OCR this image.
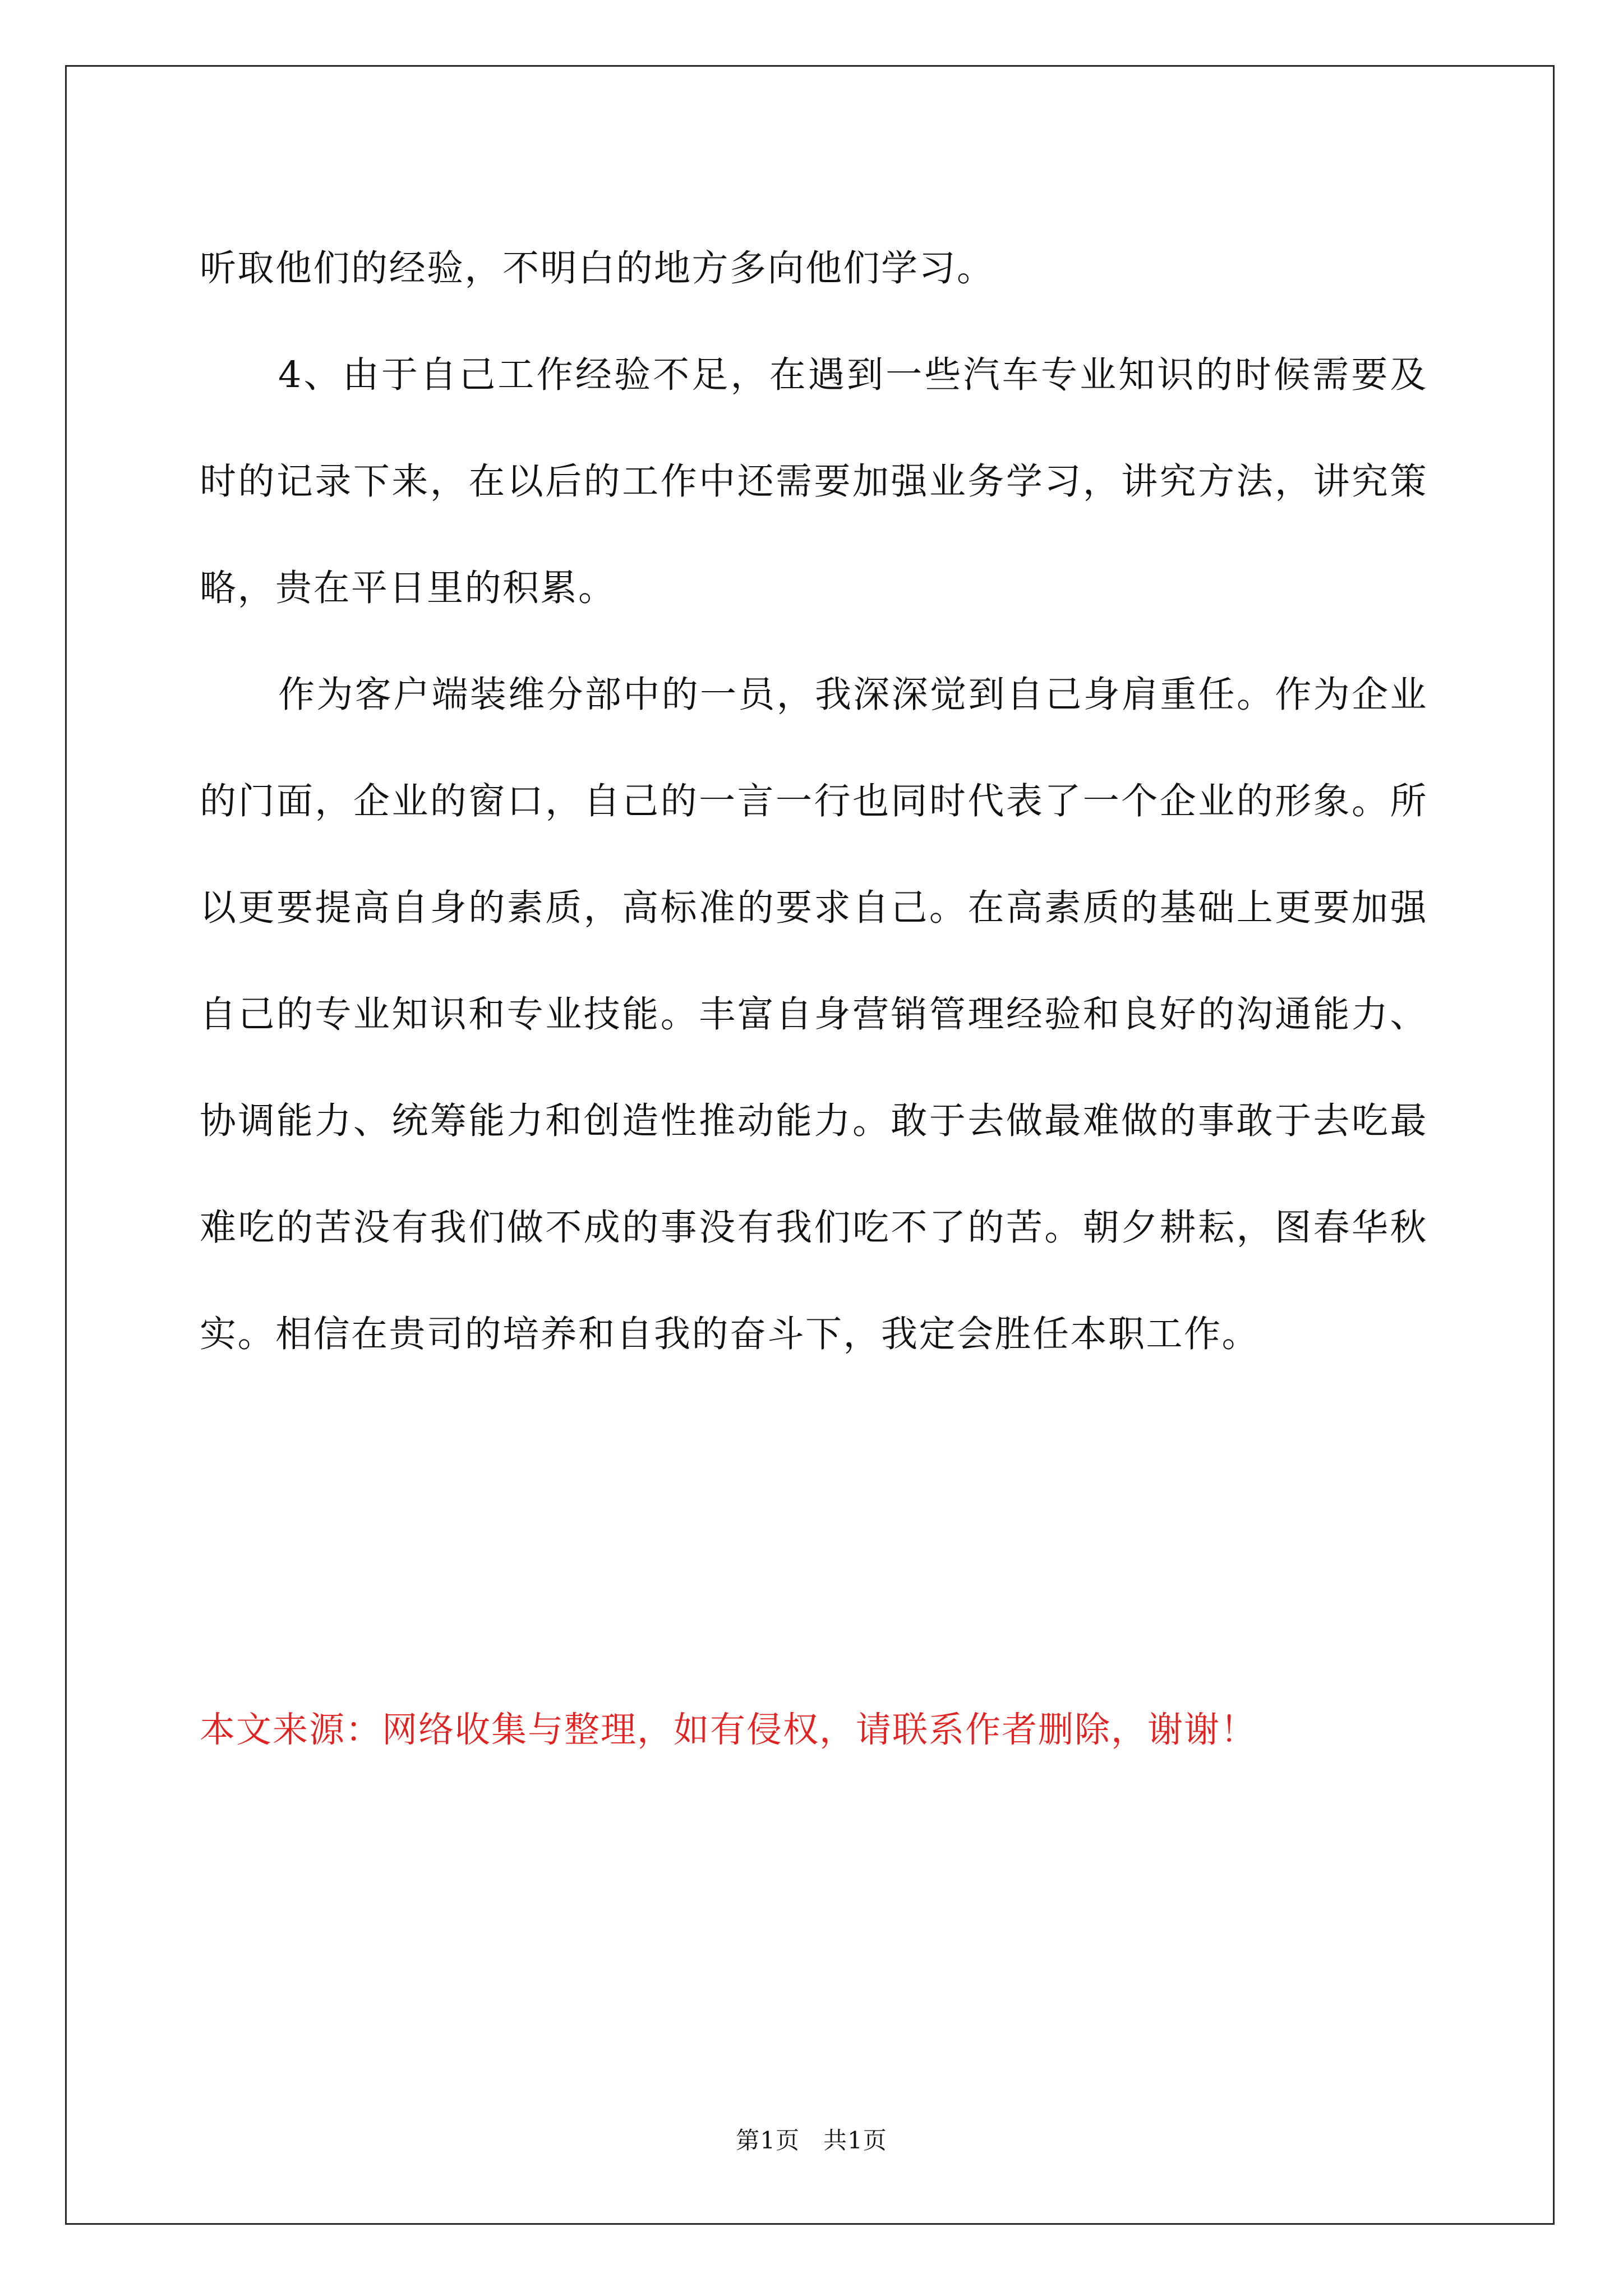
听取他们的经验，不明白的地方多向他们学习。

4、由于自己工作经验不足，在遇到一些汽车专业知识的时候需要及时的记录下来，在以后的工作中还需要加强业务学习，讲究方法，讲究策略，贵在平日里的积累。

作为客户端装维分部中的一员，我深深觉到自己身肩重任。作为企业的门面，企业的窗口，自己的一言一行也同时代表了一个企业的形象。所以更要提高自身的素质，高标准的要求自己。在高素质的基础上更要加强自己的专业知识和专业技能。丰富自身营销管理经验和良好的沟通能力、协调能力、统筹能力和创造性推动能力。敢于去做最难做的事敢于去吃最难吃的苦没有我们做不成的事没有我们吃不了的苦。朝夕耕耘，图春华秋实。相信在贵司的培养和自我的奋斗下，我定会胜任本职工作。

本文来源：网络收集与整理，如有侵权，请联系作者删除，谢谢！
第1页 共1页
